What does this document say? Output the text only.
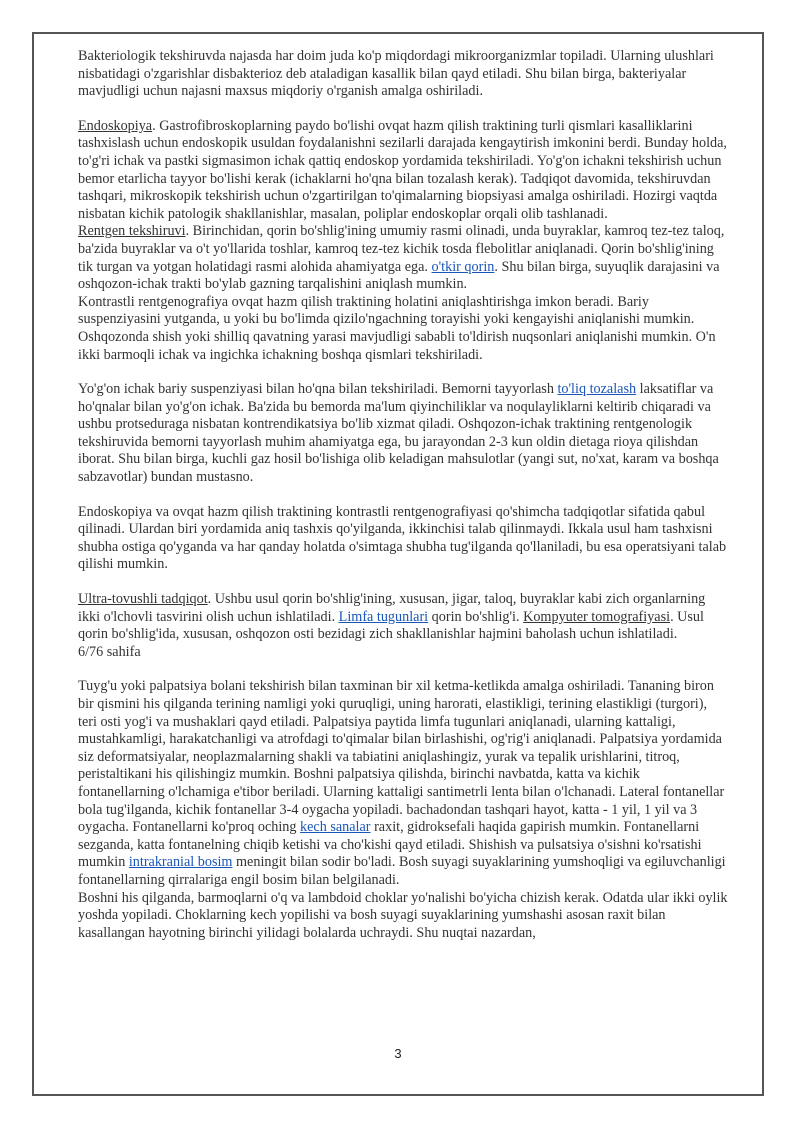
Bakteriologik tekshiruvda najasda har doim juda ko'p miqdordagi mikroorganizmlar topiladi. Ularning ulushlari nisbatidagi o'zgarishlar disbakterioz deb ataladigan kasallik bilan qayd etiladi. Shu bilan birga, bakteriyalar mavjudligi uchun najasni maxsus miqdoriy o'rganish amalga oshiriladi.

Endoskopiya. Gastrofibroskoplarning paydo bo'lishi ovqat hazm qilish traktining turli qismlari kasalliklarini tashxislash uchun endoskopik usuldan foydalanishni sezilarli darajada kengaytirish imkonini berdi. Bunday holda, to'g'ri ichak va pastki sigmasimon ichak qattiq endoskop yordamida tekshiriladi. Yo'g'on ichakni tekshirish uchun bemor etarlicha tayyor bo'lishi kerak (ichaklarni ho'qna bilan tozalash kerak). Tadqiqot davomida, tekshiruvdan tashqari, mikroskopik tekshirish uchun o'zgartirilgan to'qimalarning biopsiyasi amalga oshiriladi. Hozirgi vaqtda nisbatan kichik patologik shakllanishlar, masalan, poliplar endoskoplar orqali olib tashlanadi.

Rentgen tekshiruvi. Birinchidan, qorin bo'shlig'ining umumiy rasmi olinadi, unda buyraklar, kamroq tez-tez taloq, ba'zida buyraklar va o't yo'llarida toshlar, kamroq tez-tez kichik tosda flebolitlar aniqlanadi. Qorin bo'shlig'ining tik turgan va yotgan holatidagi rasmi alohida ahamiyatga ega. o'tkir qorin. Shu bilan birga, suyuqlik darajasini va oshqozon-ichak trakti bo'ylab gazning tarqalishini aniqlash mumkin.

Kontrastli rentgenografiya ovqat hazm qilish traktining holatini aniqlashtirishga imkon beradi. Bariy suspenziyasini yutganda, u yoki bu bo'limda qizilo'ngachning torayishi yoki kengayishi aniqlanishi mumkin. Oshqozonda shish yoki shilliq qavatning yarasi mavjudligi sababli to'ldirish nuqsonlari aniqlanishi mumkin. O'n ikki barmoqli ichak va ingichka ichakning boshqa qismlari tekshiriladi.

Yo'g'on ichak bariy suspenziyasi bilan ho'qna bilan tekshiriladi. Bemorni tayyorlash to'liq tozalash laksatiflar va ho'qnalar bilan yo'g'on ichak. Ba'zida bu bemorda ma'lum qiyinchiliklar va noqulayliklarni keltirib chiqaradi va ushbu protseduraga nisbatan kontrendikatsiya bo'lib xizmat qiladi. Oshqozon-ichak traktining rentgenologik tekshiruvida bemorni tayyorlash muhim ahamiyatga ega, bu jarayondan 2-3 kun oldin dietaga rioya qilishdan iborat. Shu bilan birga, kuchli gaz hosil bo'lishiga olib keladigan mahsulotlar (yangi sut, no'xat, karam va boshqa sabzavotlar) bundan mustasno.

Endoskopiya va ovqat hazm qilish traktining kontrastli rentgenografiyasi qo'shimcha tadqiqotlar sifatida qabul qilinadi. Ulardan biri yordamida aniq tashxis qo'yilganda, ikkinchisi talab qilinmaydi. Ikkala usul ham tashxisni shubha ostiga qo'yganda va har qanday holatda o'simtaga shubha tug'ilganda qo'llaniladi, bu esa operatsiyani talab qilishi mumkin.

Ultra-tovushli tadqiqot. Ushbu usul qorin bo'shlig'ining, xususan, jigar, taloq, buyraklar kabi zich organlarning ikki o'lchovli tasvirini olish uchun ishlatiladi. Limfa tugunlari qorin bo'shlig'i. Kompyuter tomografiyasi. Usul qorin bo'shlig'ida, xususan, oshqozon osti bezidagi zich shakllanishlar hajmini baholash uchun ishlatiladi.

6/76 sahifa

Tuyg'u yoki palpatsiya bolani tekshirish bilan taxminan bir xil ketma-ketlikda amalga oshiriladi. Tananing biron bir qismini his qilganda terining namligi yoki quruqligi, uning harorati, elastikligi, terining elastikligi (turgori), teri osti yog'i va mushaklari qayd etiladi. Palpatsiya paytida limfa tugunlari aniqlanadi, ularning kattaligi, mustahkamligi, harakatchanligi va atrofdagi to'qimalar bilan birlashishi, og'rig'i aniqlanadi. Palpatsiya yordamida siz deformatsiyalar, neoplazmalarning shakli va tabiatini aniqlashingiz, yurak va tepalik urishlarini, titroq, peristaltikani his qilishingiz mumkin. Boshni palpatsiya qilishda, birinchi navbatda, katta va kichik fontanellarning o'lchamiga e'tibor beriladi. Ularning kattaligi santimetrli lenta bilan o'lchanadi. Lateral fontanellar bola tug'ilganda, kichik fontanellar 3-4 oygacha yopiladi. bachadondan tashqari hayot, katta - 1 yil, 1 yil va 3 oygacha. Fontanellarni ko'proq oching kech sanalar raxit, gidroksefali haqida gapirish mumkin. Fontanellarni sezganda, katta fontanelning chiqib ketishi va cho'kishi qayd etiladi. Shishish va pulsatsiya o'sishni ko'rsatishi mumkin intrakranial bosim meningit bilan sodir bo'ladi. Bosh suyagi suyaklarining yumshoqligi va egiluvchanligi fontanellarning qirralariga engil bosim bilan belgilanadi.

Boshni his qilganda, barmoqlarni o'q va lambdoid choklar yo'nalishi bo'yicha chizish kerak. Odatda ular ikki oylik yoshda yopiladi. Choklarning kech yopilishi va bosh suyagi suyaklarining yumshashi asosan raxit bilan kasallangan hayotning birinchi yilidagi bolalarda uchraydi. Shu nuqtai nazardan,

3
